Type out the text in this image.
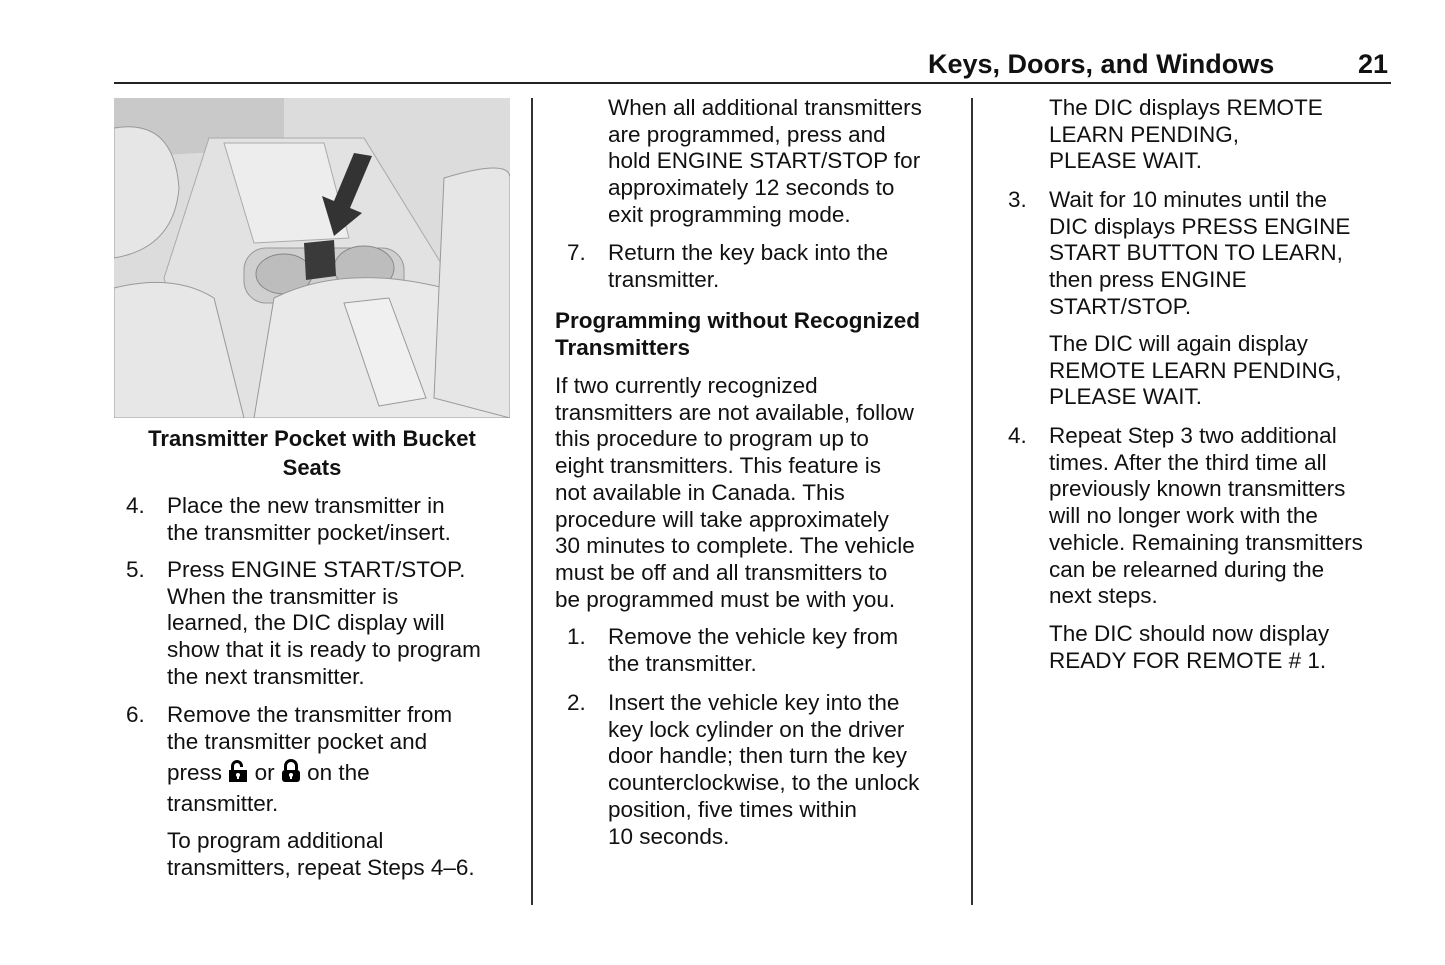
Keys, Doors, and Windows	21
Transmitter Pocket with Bucket
Seats
4. Place the new transmitter in
the transmitter pocket/insert.
5. Press ENGINE START/STOP.
When the transmitter is
learned, the DIC display will
show that it is ready to program
the next transmitter.
6. Remove the transmitter from
the transmitter pocket and
press or on the
transmitter.
To program additional
transmitters, repeat Steps 4–6.
When all additional transmitters
are programmed, press and
hold ENGINE START/STOP for
approximately 12 seconds to
exit programming mode.
7. Return the key back into the
transmitter.
Programming without Recognized
Transmitters
If two currently recognized
transmitters are not available, follow
this procedure to program up to
eight transmitters. This feature is
not available in Canada. This
procedure will take approximately
30 minutes to complete. The vehicle
must be off and all transmitters to
be programmed must be with you.
1. Remove the vehicle key from
the transmitter.
2. Insert the vehicle key into the
key lock cylinder on the driver
door handle; then turn the key
counterclockwise, to the unlock
position, five times within
10 seconds.
The DIC displays REMOTE
LEARN PENDING,
PLEASE WAIT.
3. Wait for 10 minutes until the
DIC displays PRESS ENGINE
START BUTTON TO LEARN,
then press ENGINE
START/STOP.
The DIC will again display
REMOTE LEARN PENDING,
PLEASE WAIT.
4. Repeat Step 3 two additional
times. After the third time all
previously known transmitters
will no longer work with the
vehicle. Remaining transmitters
can be relearned during the
next steps.
The DIC should now display
READY FOR REMOTE # 1.
